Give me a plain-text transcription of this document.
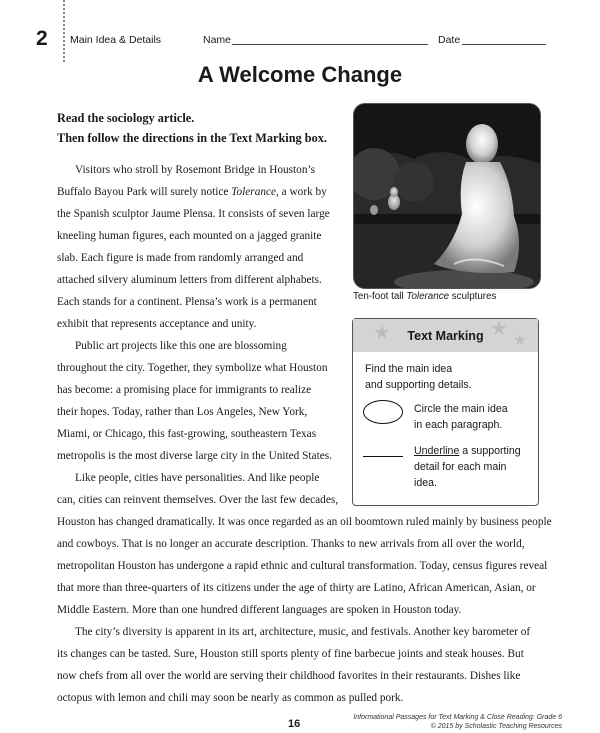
2 Main Idea & Details	Name	Date
A Welcome Change
Read the sociology article.
Then follow the directions in the Text Marking box.
Ten-foot tall Tolerance sculptures
★	★
★
Text Marking
Find the main idea
and supporting details.
Circle the main idea
in each paragraph.
Underline a supporting
detail for each main
idea.
Visitors who stroll by Rosemont Bridge in Houston’s
Buffalo Bayou Park will surely notice Tolerance, a work by
the Spanish sculptor Jaume Plensa. It consists of seven large
kneeling human figures, each mounted on a jagged granite
slab. Each figure is made from randomly arranged and
attached silvery aluminum letters from different alphabets.
Each stands for a continent. Plensa’s work is a permanent
exhibit that represents acceptance and unity.
Public art projects like this one are blossoming
throughout the city. Together, they symbolize what Houston
has become: a promising place for immigrants to realize
their hopes. Today, rather than Los Angeles, New York,
Miami, or Chicago, this fast-growing, southeastern Texas
metropolis is the most diverse large city in the United States.
Like people, cities have personalities. And like people
can, cities can reinvent themselves. Over the last few decades,
Houston has changed dramatically. It was once regarded as an oil boomtown ruled mainly by business people
and cowboys. That is no longer an accurate description. Thanks to new arrivals from all over the world,
metropolitan Houston has undergone a rapid ethnic and cultural transformation. Today, census figures reveal
that more than three-quarters of its citizens under the age of thirty are Latino, African American, Asian, or
Middle Eastern. More than one hundred different languages are spoken in Houston today.
The city’s diversity is apparent in its art, architecture, music, and festivals. Another key barometer of
its changes can be tasted. Sure, Houston still sports plenty of fine barbecue joints and steak houses. But
now chefs from all over the world are serving their childhood favorites in their restaurants. Dishes like
octopus with lemon and chili may soon be nearly as common as pulled pork.
16
Informational Passages for Text Marking & Close Reading: Grade 6
© 2015 by Scholastic Teaching Resources
